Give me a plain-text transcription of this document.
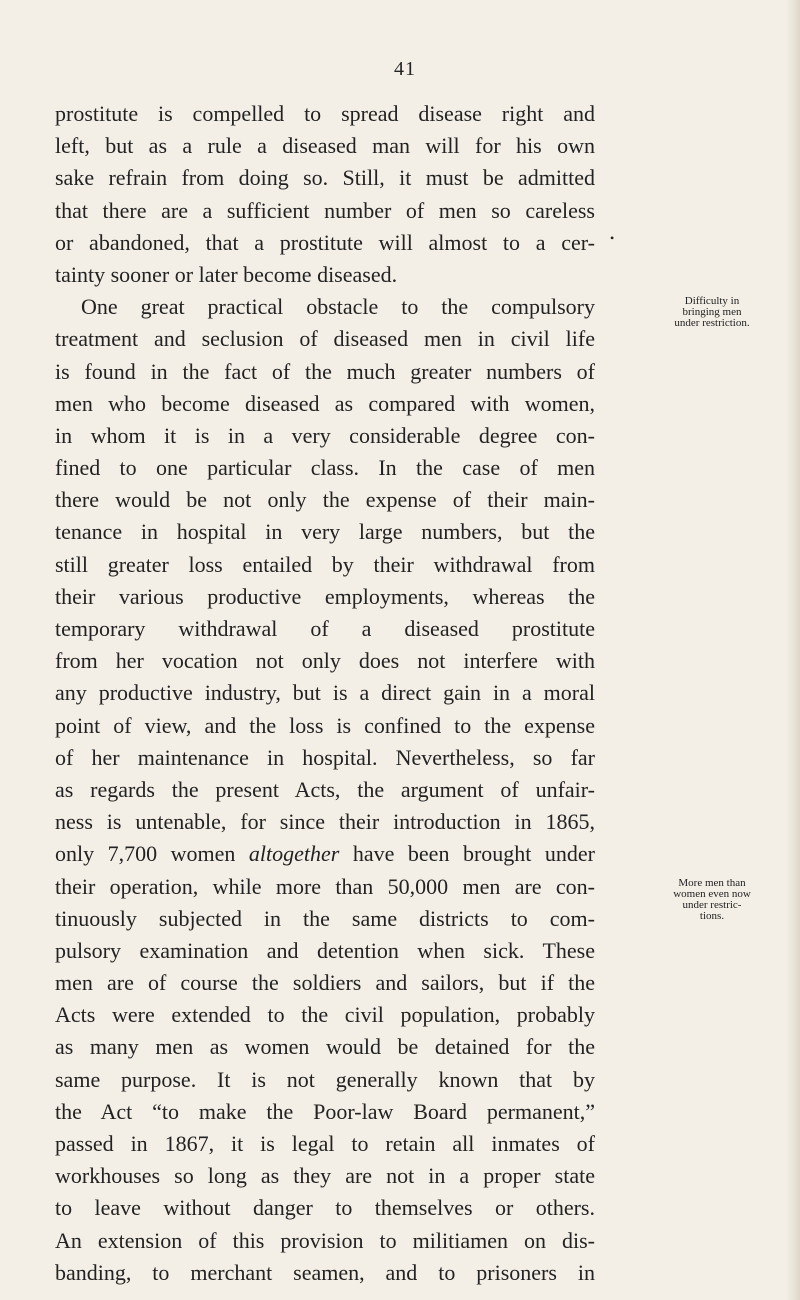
41
prostitute is compelled to spread disease right and
left, but as a rule a diseased man will for his own
sake refrain from doing so. Still, it must be admitted
that there are a sufficient number of men so careless
or abandoned, that a prostitute will almost to a cer-
tainty sooner or later become diseased.
One great practical obstacle to the compulsory
treatment and seclusion of diseased men in civil life
is found in the fact of the much greater numbers of
men who become diseased as compared with women,
in whom it is in a very considerable degree con-
fined to one particular class. In the case of men
there would be not only the expense of their main-
tenance in hospital in very large numbers, but the
still greater loss entailed by their withdrawal from
their various productive employments, whereas the
temporary withdrawal of a diseased prostitute
from her vocation not only does not interfere with
any productive industry, but is a direct gain in a moral
point of view, and the loss is confined to the expense
of her maintenance in hospital. Nevertheless, so far
as regards the present Acts, the argument of unfair-
ness is untenable, for since their introduction in 1865,
only 7,700 women altogether have been brought under
their operation, while more than 50,000 men are con-
tinuously subjected in the same districts to com-
pulsory examination and detention when sick. These
men are of course the soldiers and sailors, but if the
Acts were extended to the civil population, probably
as many men as women would be detained for the
same purpose. It is not generally known that by
the Act “to make the Poor-law Board permanent,”
passed in 1867, it is legal to retain all inmates of
workhouses so long as they are not in a proper state
to leave without danger to themselves or others.
An extension of this provision to militiamen on dis-
banding, to merchant seamen, and to prisoners in
•
Difficulty in
bringing men
under restriction.
More men than
women even now
under restric-
tions.
